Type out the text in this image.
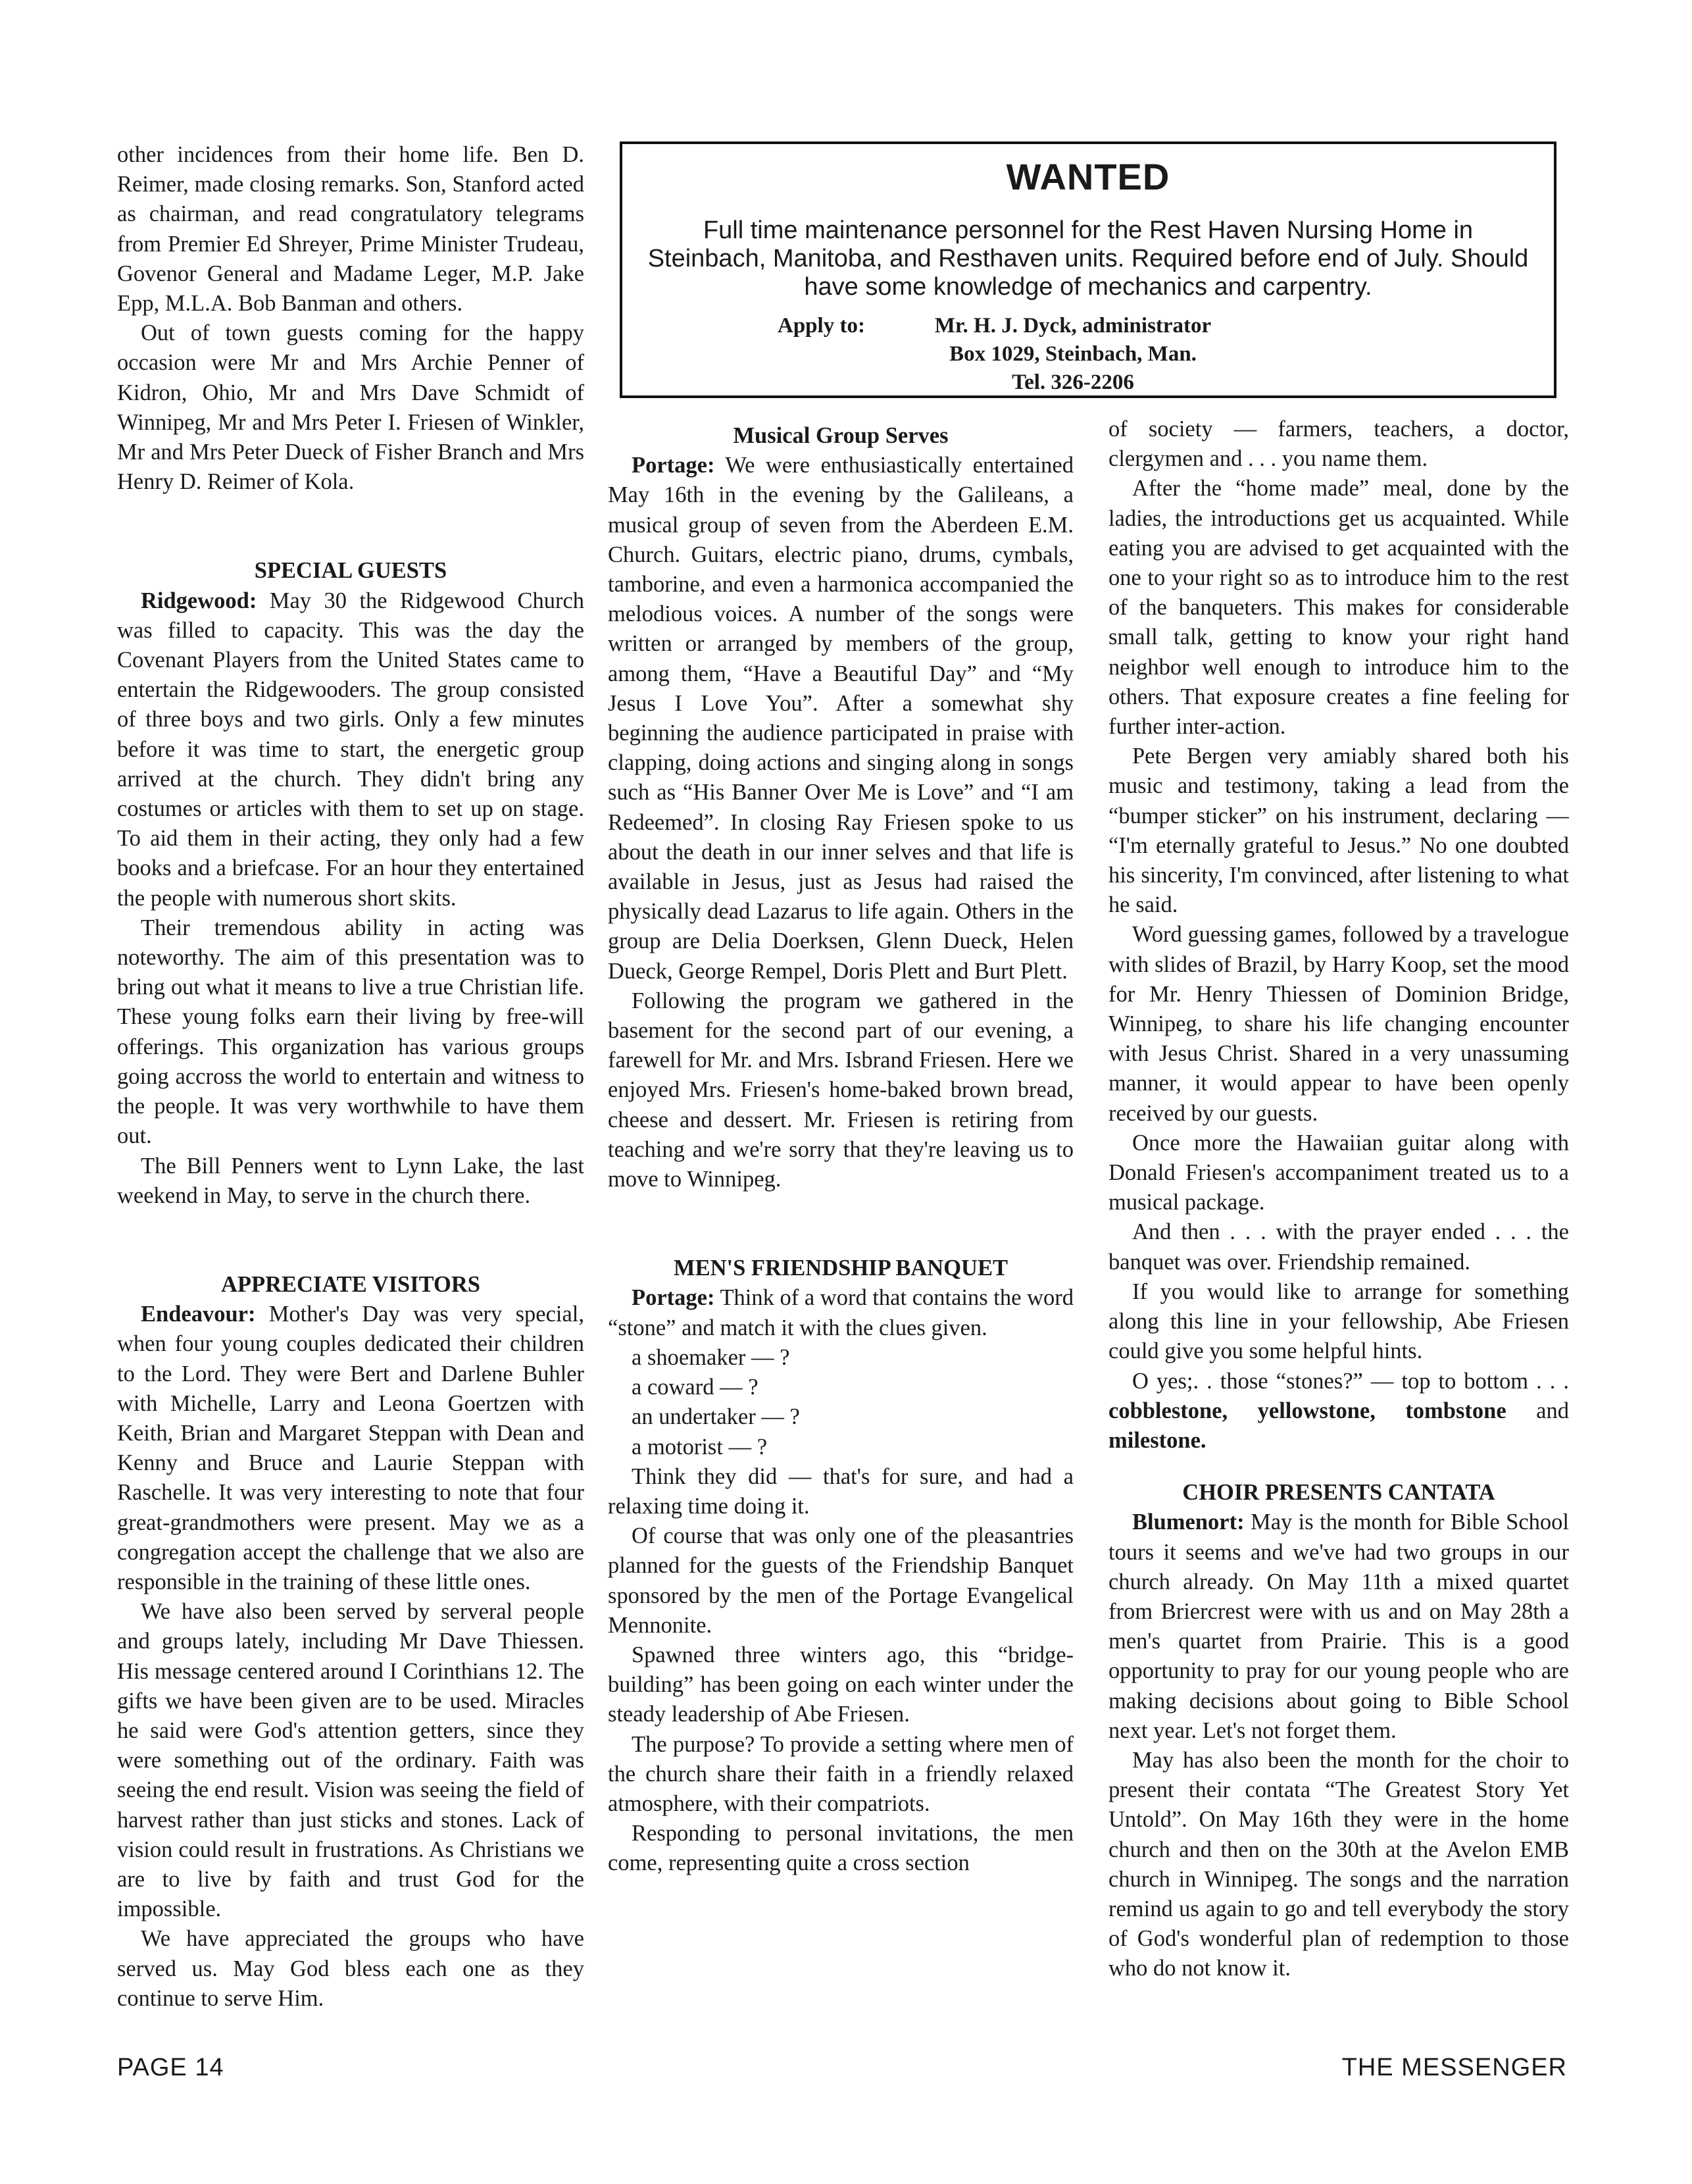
other incidences from their home life. Ben D. Reimer, made closing remarks. Son, Stanford acted as chairman, and read congratulatory telegrams from Premier Ed Shreyer, Prime Minister Trudeau, Govenor General and Madame Leger, M.P. Jake Epp, M.L.A. Bob Banman and others.

Out of town guests coming for the happy occasion were Mr and Mrs Archie Penner of Kidron, Ohio, Mr and Mrs Dave Schmidt of Winnipeg, Mr and Mrs Peter I. Friesen of Winkler, Mr and Mrs Peter Dueck of Fisher Branch and Mrs Henry D. Reimer of Kola.

SPECIAL GUESTS

Ridgewood: May 30 the Ridgewood Church was filled to capacity. This was the day the Covenant Players from the United States came to entertain the Ridgewooders. The group consisted of three boys and two girls. Only a few minutes before it was time to start, the energetic group arrived at the church. They didn't bring any costumes or articles with them to set up on stage. To aid them in their acting, they only had a few books and a briefcase. For an hour they entertained the people with numerous short skits.

Their tremendous ability in acting was noteworthy. The aim of this presentation was to bring out what it means to live a true Christian life. These young folks earn their living by free-will offerings. This organization has various groups going accross the world to entertain and witness to the people. It was very worthwhile to have them out.

The Bill Penners went to Lynn Lake, the last weekend in May, to serve in the church there.

APPRECIATE VISITORS

Endeavour: Mother's Day was very special, when four young couples dedicated their children to the Lord. They were Bert and Darlene Buhler with Michelle, Larry and Leona Goertzen with Keith, Brian and Margaret Steppan with Dean and Kenny and Bruce and Laurie Steppan with Raschelle. It was very interesting to note that four great-grandmothers were present. May we as a congregation accept the challenge that we also are responsible in the training of these little ones.

We have also been served by serveral people and groups lately, including Mr Dave Thiessen. His message centered around I Corinthians 12. The gifts we have been given are to be used. Miracles he said were God's attention getters, since they were something out of the ordinary. Faith was seeing the end result. Vision was seeing the field of harvest rather than just sticks and stones. Lack of vision could result in frustrations. As Christians we are to live by faith and trust God for the impossible.

We have appreciated the groups who have served us. May God bless each one as they continue to serve Him.

WANTED
Full time maintenance personnel for the Rest Haven Nursing Home in Steinbach, Manitoba, and Resthaven units. Required before end of July. Should have some knowledge of mechanics and carpentry.
Apply to:	Mr. H. J. Dyck, administrator
Box 1029, Steinbach, Man.
Tel. 326-2206
Musical Group Serves

Portage: We were enthusiastically entertained May 16th in the evening by the Galileans, a musical group of seven from the Aberdeen E.M. Church. Guitars, electric piano, drums, cymbals, tamborine, and even a harmonica accompanied the melodious voices. A number of the songs were written or arranged by members of the group, among them, “Have a Beautiful Day” and “My Jesus I Love You”. After a somewhat shy beginning the audience participated in praise with clapping, doing actions and singing along in songs such as “His Banner Over Me is Love” and “I am Redeemed”. In closing Ray Friesen spoke to us about the death in our inner selves and that life is available in Jesus, just as Jesus had raised the physically dead Lazarus to life again. Others in the group are Delia Doerksen, Glenn Dueck, Helen Dueck, George Rempel, Doris Plett and Burt Plett.

Following the program we gathered in the basement for the second part of our evening, a farewell for Mr. and Mrs. Isbrand Friesen. Here we enjoyed Mrs. Friesen's home-baked brown bread, cheese and dessert. Mr. Friesen is retiring from teaching and we're sorry that they're leaving us to move to Winnipeg.

MEN'S FRIENDSHIP BANQUET

Portage: Think of a word that contains the word “stone” and match it with the clues given.

a shoemaker — ?

a coward — ?

an undertaker — ?

a motorist — ?

Think they did — that's for sure, and had a relaxing time doing it.

Of course that was only one of the pleasantries planned for the guests of the Friendship Banquet sponsored by the men of the Portage Evangelical Mennonite.

Spawned three winters ago, this “bridge-building” has been going on each winter under the steady leadership of Abe Friesen.

The purpose? To provide a setting where men of the church share their faith in a friendly relaxed atmosphere, with their compatriots.

Responding to personal invitations, the men come, representing quite a cross section

of society — farmers, teachers, a doctor, clergymen and . . . you name them.

After the “home made” meal, done by the ladies, the introductions get us acquainted. While eating you are advised to get acquainted with the one to your right so as to introduce him to the rest of the banqueters. This makes for considerable small talk, getting to know your right hand neighbor well enough to introduce him to the others. That exposure creates a fine feeling for further inter-action.

Pete Bergen very amiably shared both his music and testimony, taking a lead from the “bumper sticker” on his instrument, declaring — “I'm eternally grateful to Jesus.” No one doubted his sincerity, I'm convinced, after listening to what he said.

Word guessing games, followed by a travelogue with slides of Brazil, by Harry Koop, set the mood for Mr. Henry Thiessen of Dominion Bridge, Winnipeg, to share his life changing encounter with Jesus Christ. Shared in a very unassuming manner, it would appear to have been openly received by our guests.

Once more the Hawaiian guitar along with Donald Friesen's accompaniment treated us to a musical package.

And then . . . with the prayer ended . . . the banquet was over. Friendship remained.

If you would like to arrange for something along this line in your fellowship, Abe Friesen could give you some helpful hints.

O yes;. . those “stones?” — top to bottom . . . cobblestone, yellowstone, tombstone and milestone.

CHOIR PRESENTS CANTATA

Blumenort: May is the month for Bible School tours it seems and we've had two groups in our church already. On May 11th a mixed quartet from Briercrest were with us and on May 28th a men's quartet from Prairie. This is a good opportunity to pray for our young people who are making decisions about going to Bible School next year. Let's not forget them.

May has also been the month for the choir to present their contata “The Greatest Story Yet Untold”. On May 16th they were in the home church and then on the 30th at the Avelon EMB church in Winnipeg. The songs and the narration remind us again to go and tell everybody the story of God's wonderful plan of redemption to those who do not know it.

PAGE 14	THE MESSENGER
